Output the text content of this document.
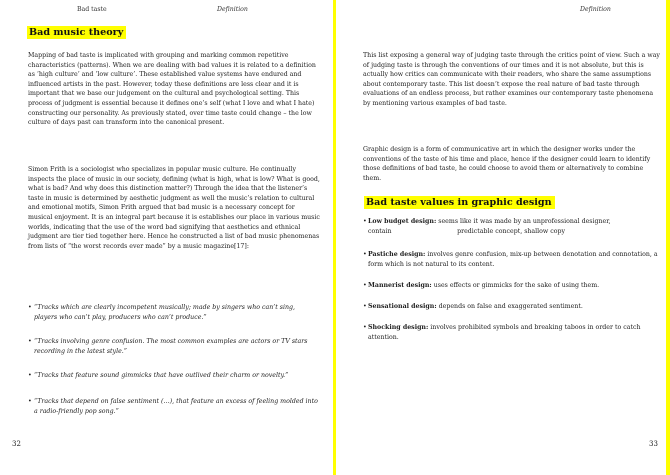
Bad taste	Definition
Bad music theory

Mapping of bad taste is implicated with grouping and marking common repetitive characteristics (patterns). When we are dealing with bad values it is related to a definition as ‘high culture’ and ‘low culture’. These established value systems have endured and influenced artists in the past. However, today these definitions are less clear and it is important that we base our judgement on the cultural and psychological setting. This process of judgment is essential because it defines one’s self (what I love and what I hate) constructing our personality. As previously stated, over time taste could change – the low culture of days past can transform into the canonical present.

Simon Frith is a sociologist who specializes in popular music culture. He continually inspects the place of music in our society, defining (what is high, what is low? What is good, what is bad? And why does this distinction matter?) Through the idea that the listener’s taste in music is determined by aesthetic judgment as well the music’s relation to cultural and emotional motifs, Simon Frith argued that bad music is a necessary concept for musical enjoyment. It is an integral part because it is establishes our place in various music worlds, indicating that the use of the word bad signifying that aesthetics and ethnical judgment are tier tied together here. Hence he constructed a list of bad music phenomenas from lists of “the worst records ever made” by a music magazine[17]:

• “Tracks which are clearly incompetent musically; made by singers who can’t sing, players who can’t play, producers who can’t produce.”
• “Tracks involving genre confusion. The most common examples are actors or TV stars recording in the latest style.”
• “Tracks that feature sound gimmicks that have outlived their charm or novelty.”
• “Tracks that depend on false sentiment (…), that feature an excess of feeling molded into a radio-friendly pop song.”
32
Definition

This list exposing a general way of judging taste through the critics point of view. Such a way of judging taste is through the conventions of our times and it is not absolute, but this is actually how critics can communicate with their readers, who share the same assumptions about contemporary taste. This list doesn’t expose the real nature of bad taste through evaluations of an endless process, but rather examines our contemporary taste phenomena by mentioning various examples of bad taste.

Graphic design is a form of communicative art in which the designer works under the conventions of the taste of his time and place, hence if the designer could learn to identify those definitions of bad taste, he could choose to avoid them or alternatively to combine them.

Bad taste values in graphic design
• Low budget design: seems like it was made by an unprofessional designer,
contain                                 predictable concept, shallow copy
• Pastiche design: involves genre confusion, mix-up between denotation and connotation, a form which is not natural to its content.
• Mannerist design: uses effects or gimmicks for the sake of using them.
• Sensational design: depends on false and exaggerated sentiment.
• Shocking design: involves prohibited symbols and breaking taboos in order to catch attention.
33
